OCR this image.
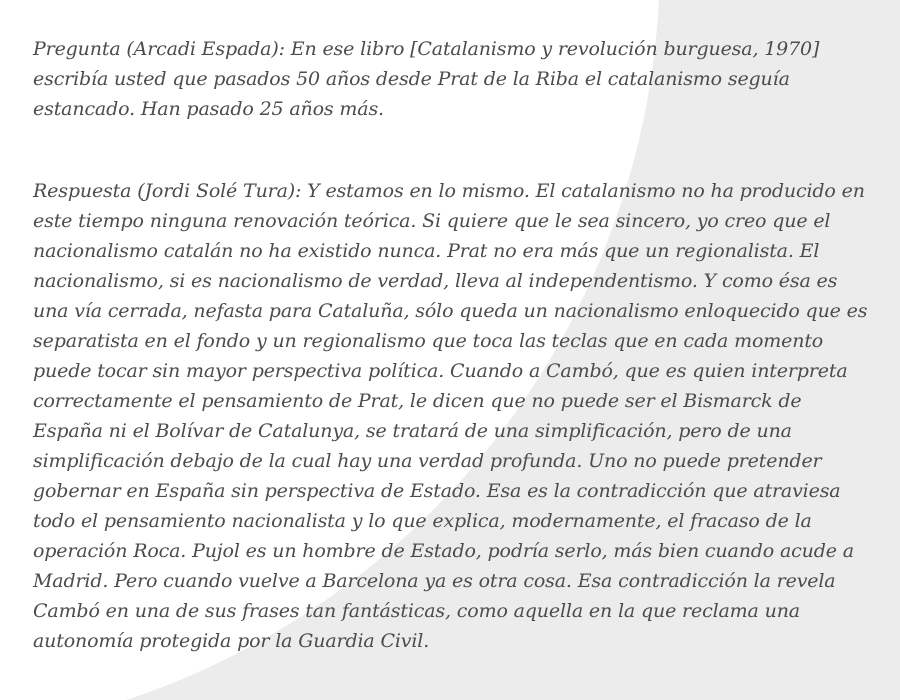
Pregunta (Arcadi Espada): En ese libro [Catalanismo y revolución burguesa, 1970] escribía usted que pasados 50 años desde Prat de la Riba el catalanismo seguía estancado. Han pasado 25 años más.

Respuesta (Jordi Solé Tura): Y estamos en lo mismo. El catalanismo no ha producido en este tiempo ninguna renovación teórica. Si quiere que le sea sincero, yo creo que el nacionalismo catalán no ha existido nunca. Prat no era más que un regionalista. El nacionalismo, si es nacionalismo de verdad, lleva al independentismo. Y como ésa es una vía cerrada, nefasta para Cataluña, sólo queda un nacionalismo enloquecido que es separatista en el fondo y un regionalismo que toca las teclas que en cada momento puede tocar sin mayor perspectiva política. Cuando a Cambó, que es quien interpreta correctamente el pensamiento de Prat, le dicen que no puede ser el Bismarck de España ni el Bolívar de Catalunya, se tratará de una simplificación, pero de una simplificación debajo de la cual hay una verdad profunda. Uno no puede pretender gobernar en España sin perspectiva de Estado. Esa es la contradicción que atraviesa todo el pensamiento nacionalista y lo que explica, modernamente, el fracaso de la operación Roca. Pujol es un hombre de Estado, podría serlo, más bien cuando acude a Madrid. Pero cuando vuelve a Barcelona ya es otra cosa. Esa contradicción la revela Cambó en una de sus frases tan fantásticas, como aquella en la que reclama una autonomía protegida por la Guardia Civil.
